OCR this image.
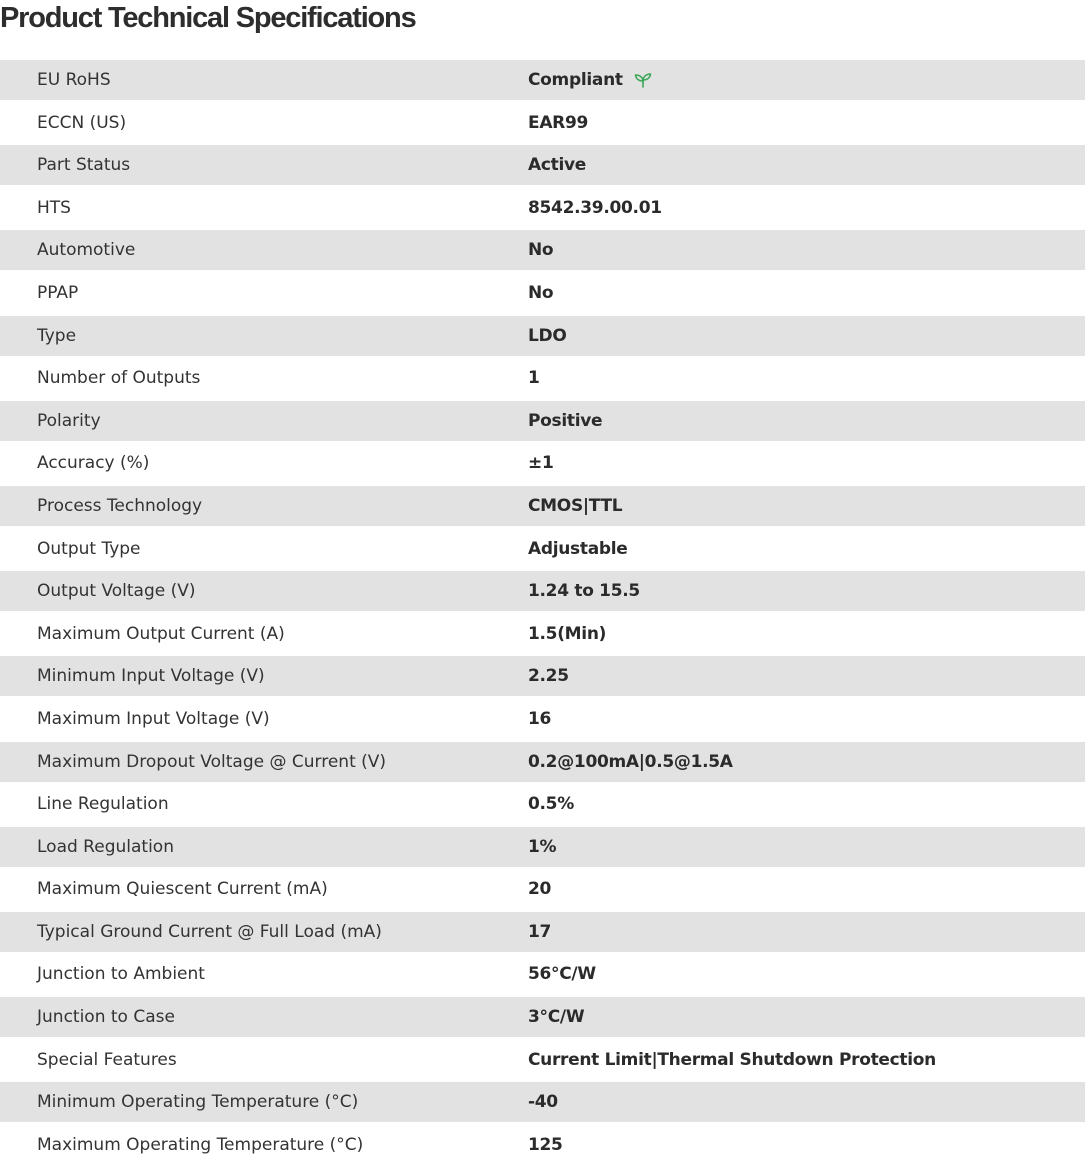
Product Technical Specifications
EU RoHS	Compliant
ECCN (US)	EAR99
Part Status	Active
HTS	8542.39.00.01
Automotive	No
PPAP	No
Type	LDO
Number of Outputs	1
Polarity	Positive
Accuracy (%)	±1
Process Technology	CMOS|TTL
Output Type	Adjustable
Output Voltage (V)	1.24 to 15.5
Maximum Output Current (A)	1.5(Min)
Minimum Input Voltage (V)	2.25
Maximum Input Voltage (V)	16
Maximum Dropout Voltage @ Current (V)	0.2@100mA|0.5@1.5A
Line Regulation	0.5%
Load Regulation	1%
Maximum Quiescent Current (mA)	20
Typical Ground Current @ Full Load (mA)	17
Junction to Ambient	56°C/W
Junction to Case	3°C/W
Special Features	Current Limit|Thermal Shutdown Protection
Minimum Operating Temperature (°C)	-40
Maximum Operating Temperature (°C)	125
